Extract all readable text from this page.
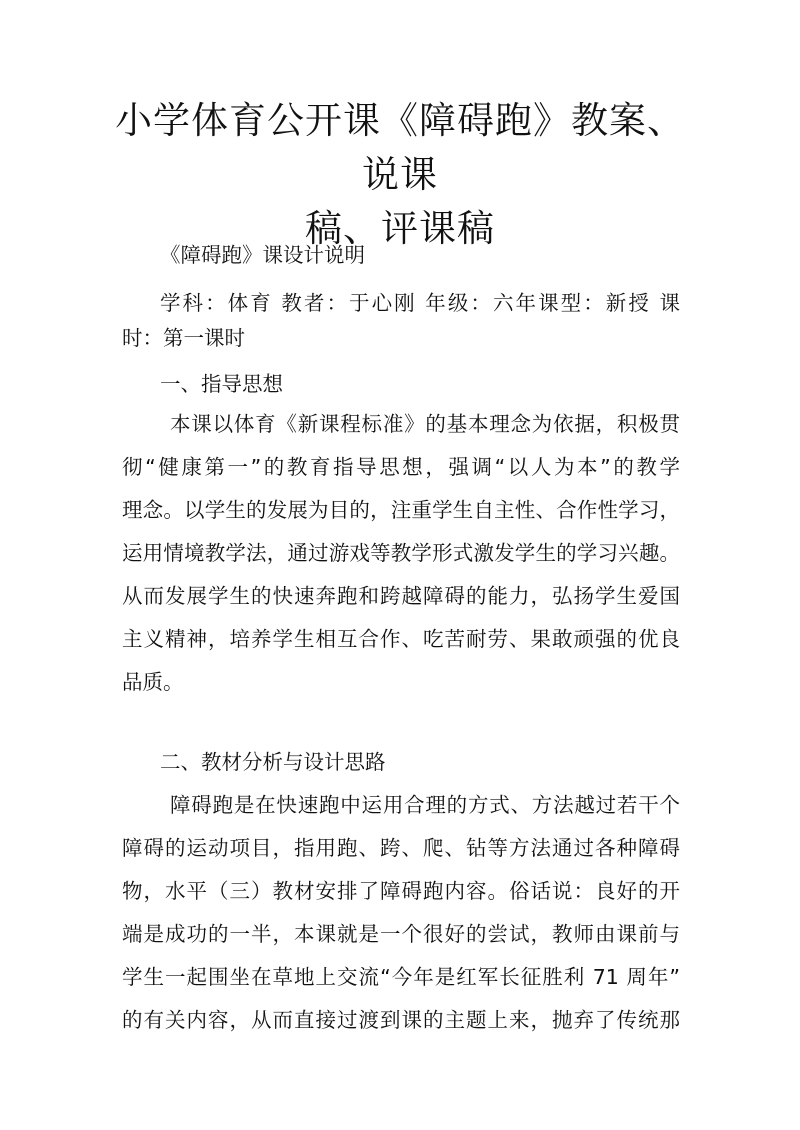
小学体育公开课《障碍跑》教案、说课
稿、评课稿

《障碍跑》课设计说明

学科：体育 教者：于心刚 年级：六年课型：新授 课

时：第一课时

一、指导思想

本课以体育《新课程标准》的基本理念为依据，积极贯

彻“健康第一”的教育指导思想，强调“以人为本”的教学

理念。以学生的发展为目的，注重学生自主性、合作性学习，

运用情境教学法，通过游戏等教学形式激发学生的学习兴趣。

从而发展学生的快速奔跑和跨越障碍的能力，弘扬学生爱国

主义精神，培养学生相互合作、吃苦耐劳、果敢顽强的优良

品质。

二、教材分析与设计思路

障碍跑是在快速跑中运用合理的方式、方法越过若干个

障碍的运动项目，指用跑、跨、爬、钻等方法通过各种障碍

物，水平（三）教材安排了障碍跑内容。俗话说：良好的开

端是成功的一半，本课就是一个很好的尝试，教师由课前与

学生一起围坐在草地上交流“今年是红军长征胜利 71 周年”

的有关内容，从而直接过渡到课的主题上来，抛弃了传统那
